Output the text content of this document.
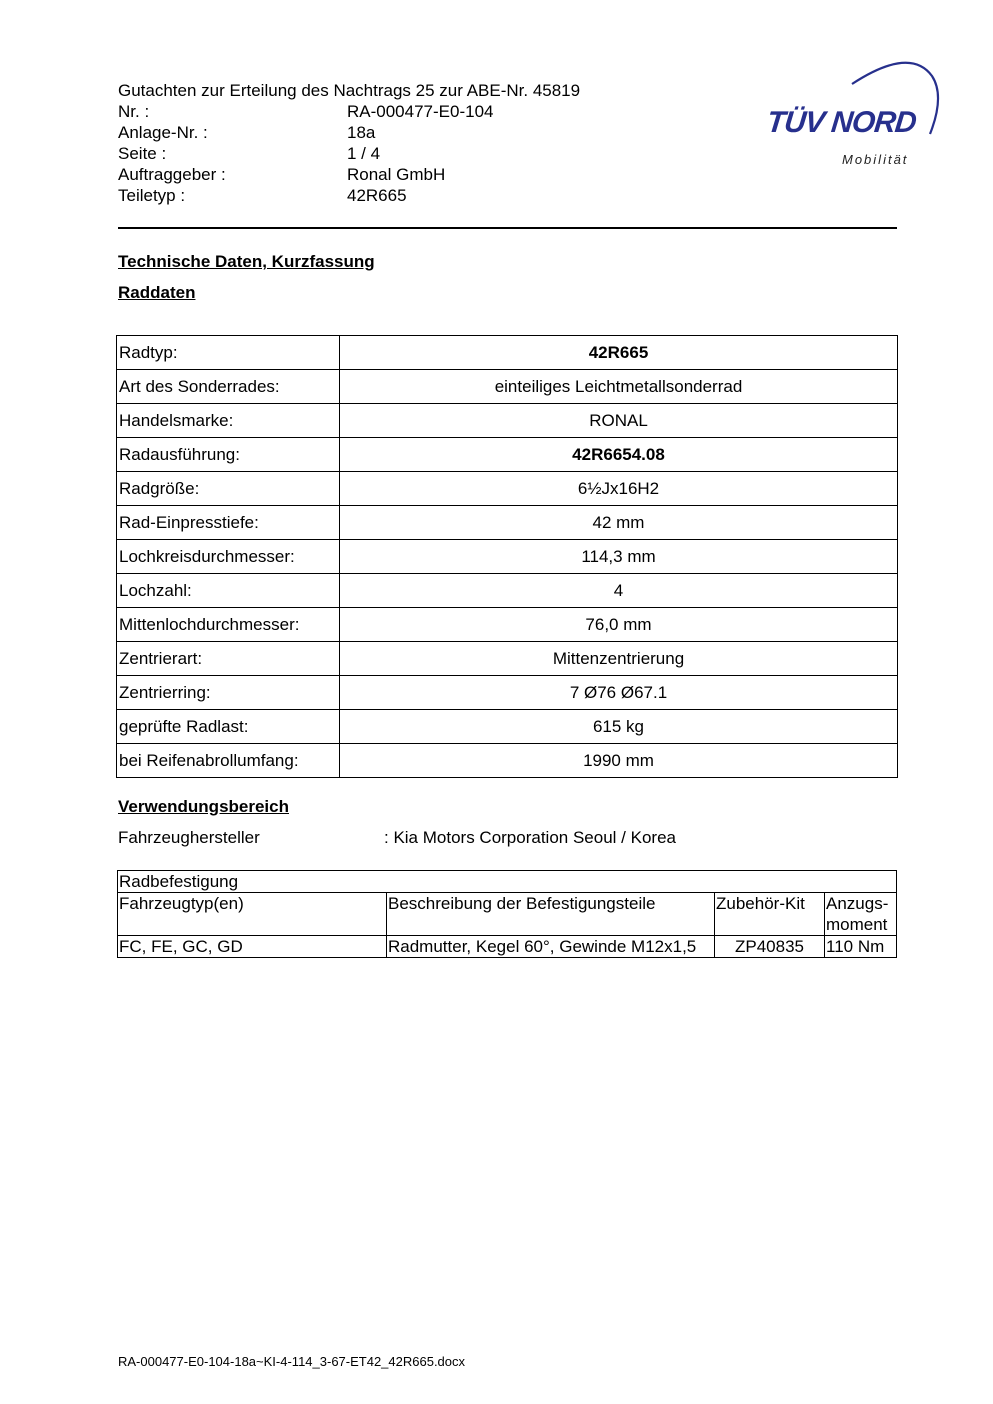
Gutachten zur Erteilung des Nachtrags 25 zur ABE-Nr. 45819
Nr. :	RA-000477-E0-104
Anlage-Nr. :	18a
Seite :	1 / 4
Auftraggeber :	Ronal GmbH
Teiletyp :	42R665
TÜV NORD
Mobilität
Technische Daten, Kurzfassung
Raddaten
Radtyp:	42R665
Art des Sonderrades:	einteiliges Leichtmetallsonderrad
Handelsmarke:	RONAL
Radausführung:	42R6654.08
Radgröße:	6½Jx16H2
Rad-Einpresstiefe:	42 mm
Lochkreisdurchmesser:	114,3 mm
Lochzahl:	4
Mittenlochdurchmesser:	76,0 mm
Zentrierart:	Mittenzentrierung
Zentrierring:	7 Ø76 Ø67.1
geprüfte Radlast:	615 kg
bei Reifenabrollumfang:	1990 mm
Verwendungsbereich
Fahrzeughersteller	: Kia Motors Corporation Seoul / Korea
Radbefestigung			
Fahrzeugtyp(en)	Beschreibung der Befestigungsteile	Zubehör-Kit	Anzugs-moment
FC, FE, GC, GD	Radmutter, Kegel 60°, Gewinde M12x1,5	ZP40835	110 Nm
RA-000477-E0-104-18a~KI-4-114_3-67-ET42_42R665.docx
